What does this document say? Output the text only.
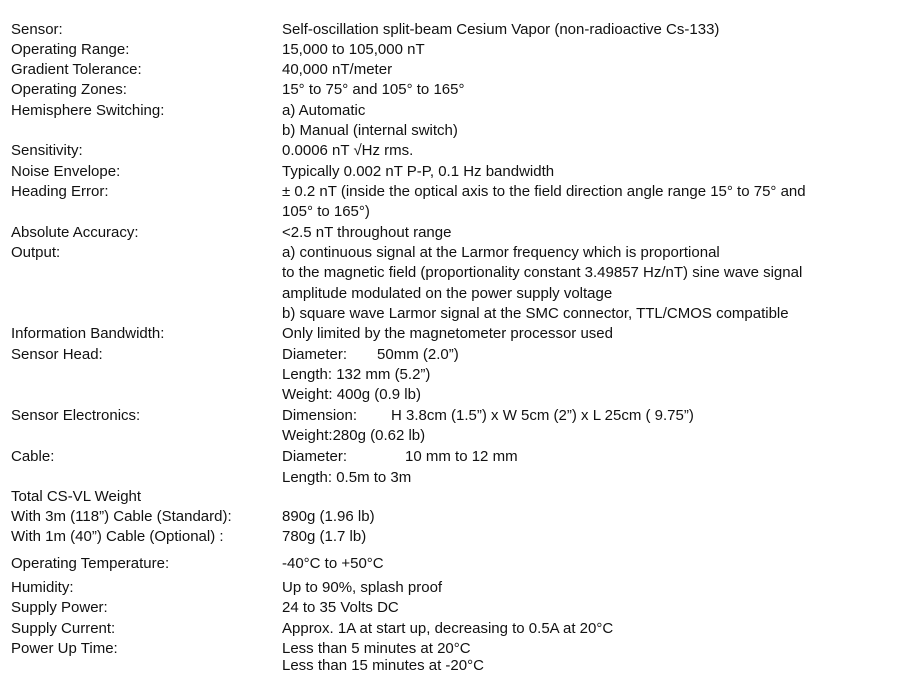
Sensor:	Self-oscillation split-beam Cesium Vapor (non-radioactive Cs-133)
Operating Range:	15,000 to 105,000 nT
Gradient Tolerance:	40,000 nT/meter
Operating Zones:	15° to 75° and 105° to 165°
Hemisphere Switching:	a) Automatic
b) Manual (internal switch)
Sensitivity:	0.0006 nT √Hz rms.
Noise Envelope:	Typically 0.002 nT P-P, 0.1 Hz bandwidth
Heading Error:	± 0.2 nT (inside the optical axis to the field direction angle range 15° to 75° and
105° to 165°)
Absolute Accuracy:	<2.5 nT throughout range
Output:	a) continuous signal at the Larmor frequency which is proportional
to the magnetic field (proportionality constant 3.49857 Hz/nT) sine wave signal
amplitude modulated on the power supply voltage
b) square wave Larmor signal at the SMC connector, TTL/CMOS compatible
Information Bandwidth:	Only limited by the magnetometer processor used
Sensor Head:	Diameter: 50mm (2.0”)
Length: 132 mm (5.2”)
Weight: 400g (0.9 lb)
Sensor Electronics:	Dimension: H 3.8cm (1.5”) x W 5cm (2”) x L 25cm ( 9.75”)
Weight:280g (0.62 lb)
Cable:	Diameter:	10 mm to 12 mm
Length: 0.5m to 3m
Total CS-VL Weight
With 3m (118”) Cable (Standard):	890g (1.96 lb)
With 1m (40”) Cable (Optional) :	780g (1.7 lb)
Operating Temperature:	-40°C to +50°C
Humidity:	Up to 90%, splash proof
Supply Power:	24 to 35 Volts DC
Supply Current:	Approx. 1A at start up, decreasing to 0.5A at 20°C
Power Up Time:	Less than 5 minutes at 20°C
Less than 15 minutes at -20°C
